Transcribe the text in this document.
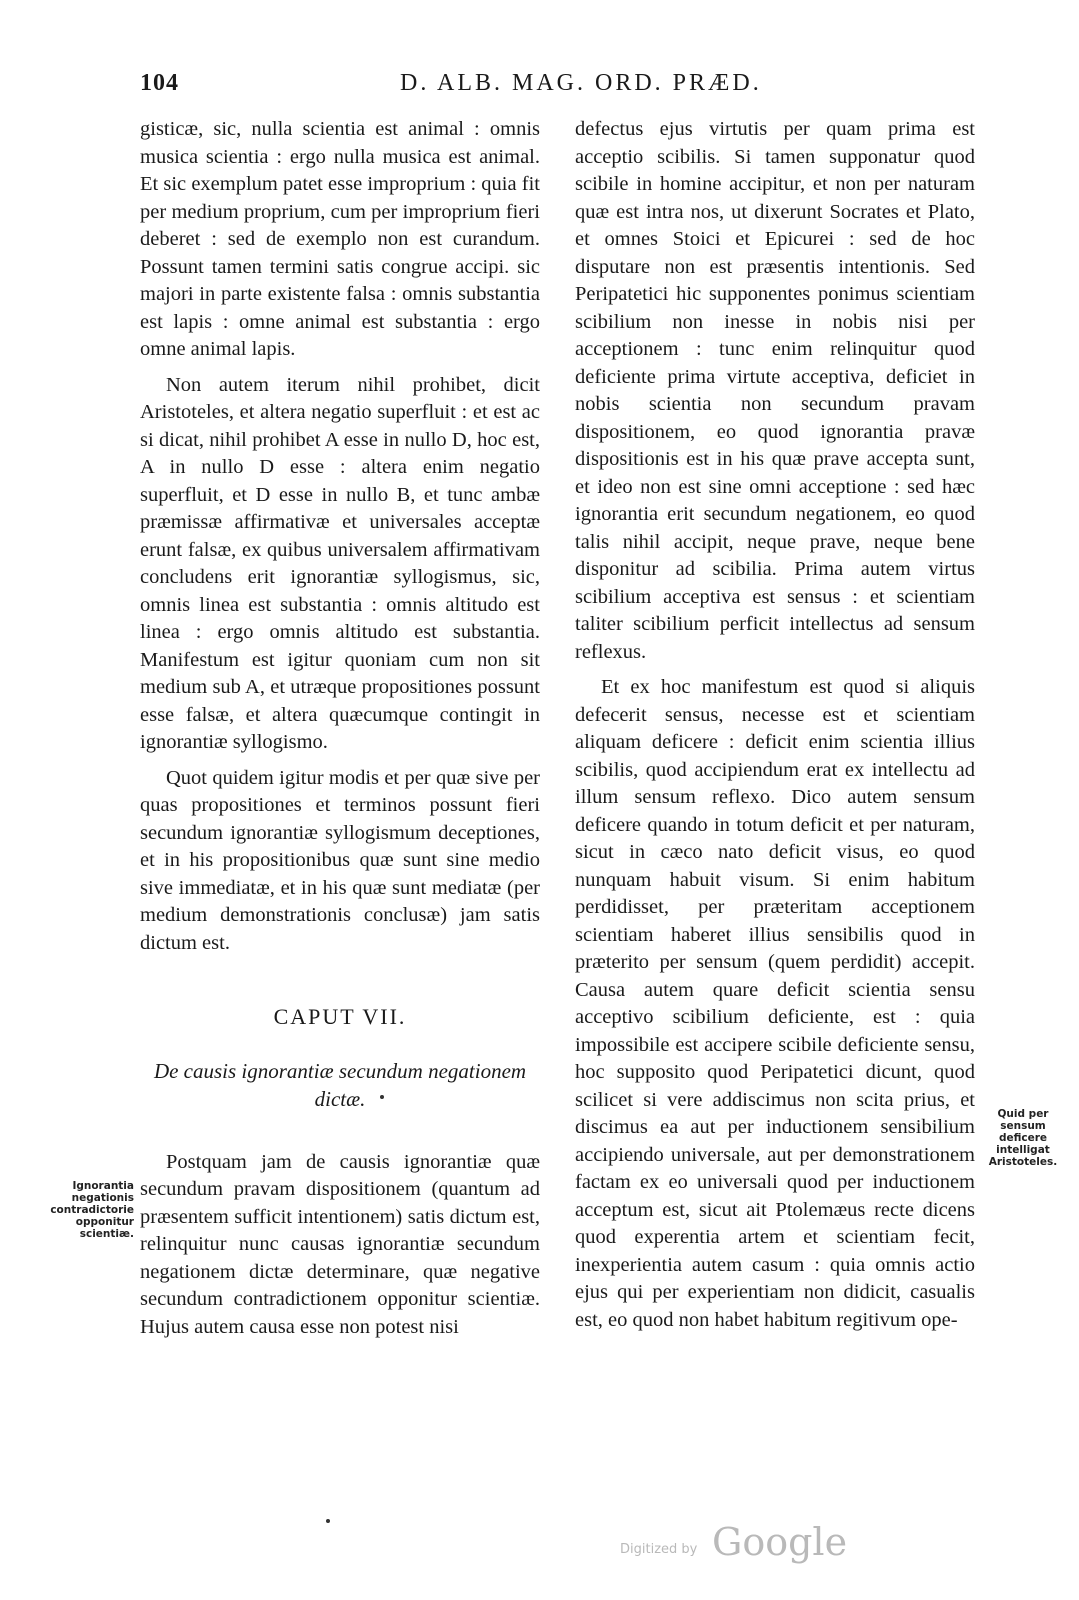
104	D. ALB. MAG. ORD. PRÆD.

gisticæ, sic, nulla scientia est animal : omnis musica scientia : ergo nulla musica est animal. Et sic exemplum patet esse improprium : quia fit per medium proprium, cum per improprium fieri deberet : sed de exemplo non est curandum. Possunt tamen termini satis congrue accipi. sic majori in parte existente falsa : omnis substantia est lapis : omne animal est substantia : ergo omne animal lapis.

Non autem iterum nihil prohibet, dicit Aristoteles, et altera negatio superfluit : et est ac si dicat, nihil prohibet A esse in nullo D, hoc est, A in nullo D esse : altera enim negatio superfluit, et D esse in nullo B, et tunc ambæ præmissæ affirmativæ et universales acceptæ erunt falsæ, ex quibus universalem affirmativam concludens erit ignorantiæ syllogismus, sic, omnis linea est substantia : omnis altitudo est linea : ergo omnis altitudo est substantia. Manifestum est igitur quoniam cum non sit medium sub A, et utræque propositiones possunt esse falsæ, et altera quæcumque contingit in ignorantiæ syllogismo.

Quot quidem igitur modis et per quæ sive per quas propositiones et terminos possunt fieri secundum ignorantiæ syllogismum deceptiones, et in his propositionibus quæ sunt sine medio sive immediatæ, et in his quæ sunt mediatæ (per medium demonstrationis conclusæ) jam satis dictum est.

CAPUT VII.
De causis ignorantiæ secundum negationem dictæ.

Postquam jam de causis ignorantiæ quæ secundum pravam dispositionem (quantum ad præsentem sufficit intentionem) satis dictum est, relinquitur nunc causas ignorantiæ secundum negationem dictæ determinare, quæ negative secundum contradictionem opponitur scientiæ. Hujus autem causa esse non potest nisi

defectus ejus virtutis per quam prima est acceptio scibilis. Si tamen supponatur quod scibile in homine accipitur, et non per naturam quæ est intra nos, ut dixerunt Socrates et Plato, et omnes Stoici et Epicurei : sed de hoc disputare non est præsentis intentionis. Sed Peripatetici hic supponentes ponimus scientiam scibilium non inesse in nobis nisi per acceptionem : tunc enim relinquitur quod deficiente prima virtute acceptiva, deficiet in nobis scientia non secundum pravam dispositionem, eo quod ignorantia pravæ dispositionis est in his quæ prave accepta sunt, et ideo non est sine omni acceptione : sed hæc ignorantia erit secundum negationem, eo quod talis nihil accipit, neque prave, neque bene disponitur ad scibilia. Prima autem virtus scibilium acceptiva est sensus : et scientiam taliter scibilium perficit intellectus ad sensum reflexus.

Et ex hoc manifestum est quod si aliquis defecerit sensus, necesse est et scientiam aliquam deficere : deficit enim scientia illius scibilis, quod accipiendum erat ex intellectu ad illum sensum reflexo. Dico autem sensum deficere quando in totum deficit et per naturam, sicut in cæco nato deficit visus, eo quod nunquam habuit visum. Si enim habitum perdidisset, per præteritam acceptionem scientiam haberet illius sensibilis quod in præterito per sensum (quem perdidit) accepit. Causa autem quare deficit scientia sensu acceptivo scibilium deficiente, est : quia impossibile est accipere scibile deficiente sensu, hoc supposito quod Peripatetici dicunt, quod scilicet si vere addiscimus non scita prius, et discimus ea aut per inductionem sensibilium accipiendo universale, aut per demonstrationem factam ex eo universali quod per inductionem acceptum est, sicut ait Ptolemæus recte dicens quod experentia artem et scientiam fecit, inexperientia autem casum : quia omnis actio ejus qui per experientiam non didicit, casualis est, eo quod non habet habitum regitivum ope-

Ignorantia negationis contradictorie opponitur scientiæ.
Quid per sensum deficere intelligat Aristoteles.
Digitized by Google
